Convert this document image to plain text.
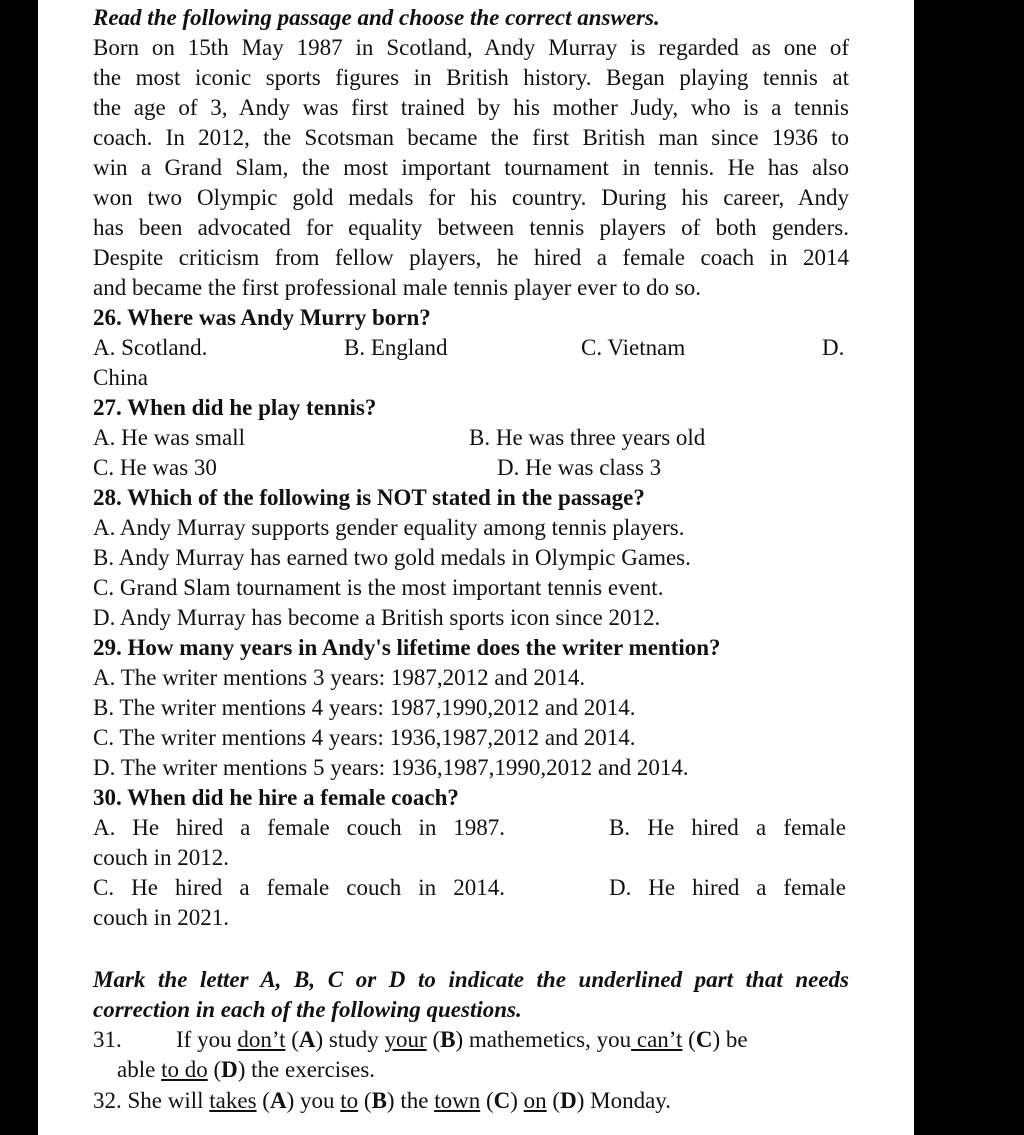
Read the following passage and choose the correct answers.
Born on 15th May 1987 in Scotland, Andy Murray is regarded as one of
the most iconic sports figures in British history. Began playing tennis at
the age of 3, Andy was first trained by his mother Judy, who is a tennis
coach. In 2012, the Scotsman became the first British man since 1936 to
win a Grand Slam, the most important tournament in tennis. He has also
won two Olympic gold medals for his country. During his career, Andy
has been advocated for equality between tennis players of both genders.
Despite criticism from fellow players, he hired a female coach in 2014
and became the first professional male tennis player ever to do so.
26. Where was Andy Murry born?
A. Scotland.	B. England	C. Vietnam	D.
China
27. When did he play tennis?
A. He was small	B. He was three years old
C. He was 30	D. He was class 3
28. Which of the following is NOT stated in the passage?
A. Andy Murray supports gender equality among tennis players.
B. Andy Murray has earned two gold medals in Olympic Games.
C. Grand Slam tournament is the most important tennis event.
D. Andy Murray has become a British sports icon since 2012.
29. How many years in Andy's lifetime does the writer mention?
A. The writer mentions 3 years: 1987,2012 and 2014.
B. The writer mentions 4 years: 1987,1990,2012 and 2014.
C. The writer mentions 4 years: 1936,1987,2012 and 2014.
D. The writer mentions 5 years: 1936,1987,1990,2012 and 2014.
30. When did he hire a female coach?
A. He hired a female couch in 1987.	B. He hired a female
couch in 2012.
C. He hired a female couch in 2014.	D. He hired a female
couch in 2021.
Mark the letter A, B, C or D to indicate the underlined part that needs
correction in each of the following questions.
31. If you don’t (A) study your (B) mathemetics, you can’t (C) be
able to do (D) the exercises.
32. She will takes (A) you to (B) the town (C) on (D) Monday.
